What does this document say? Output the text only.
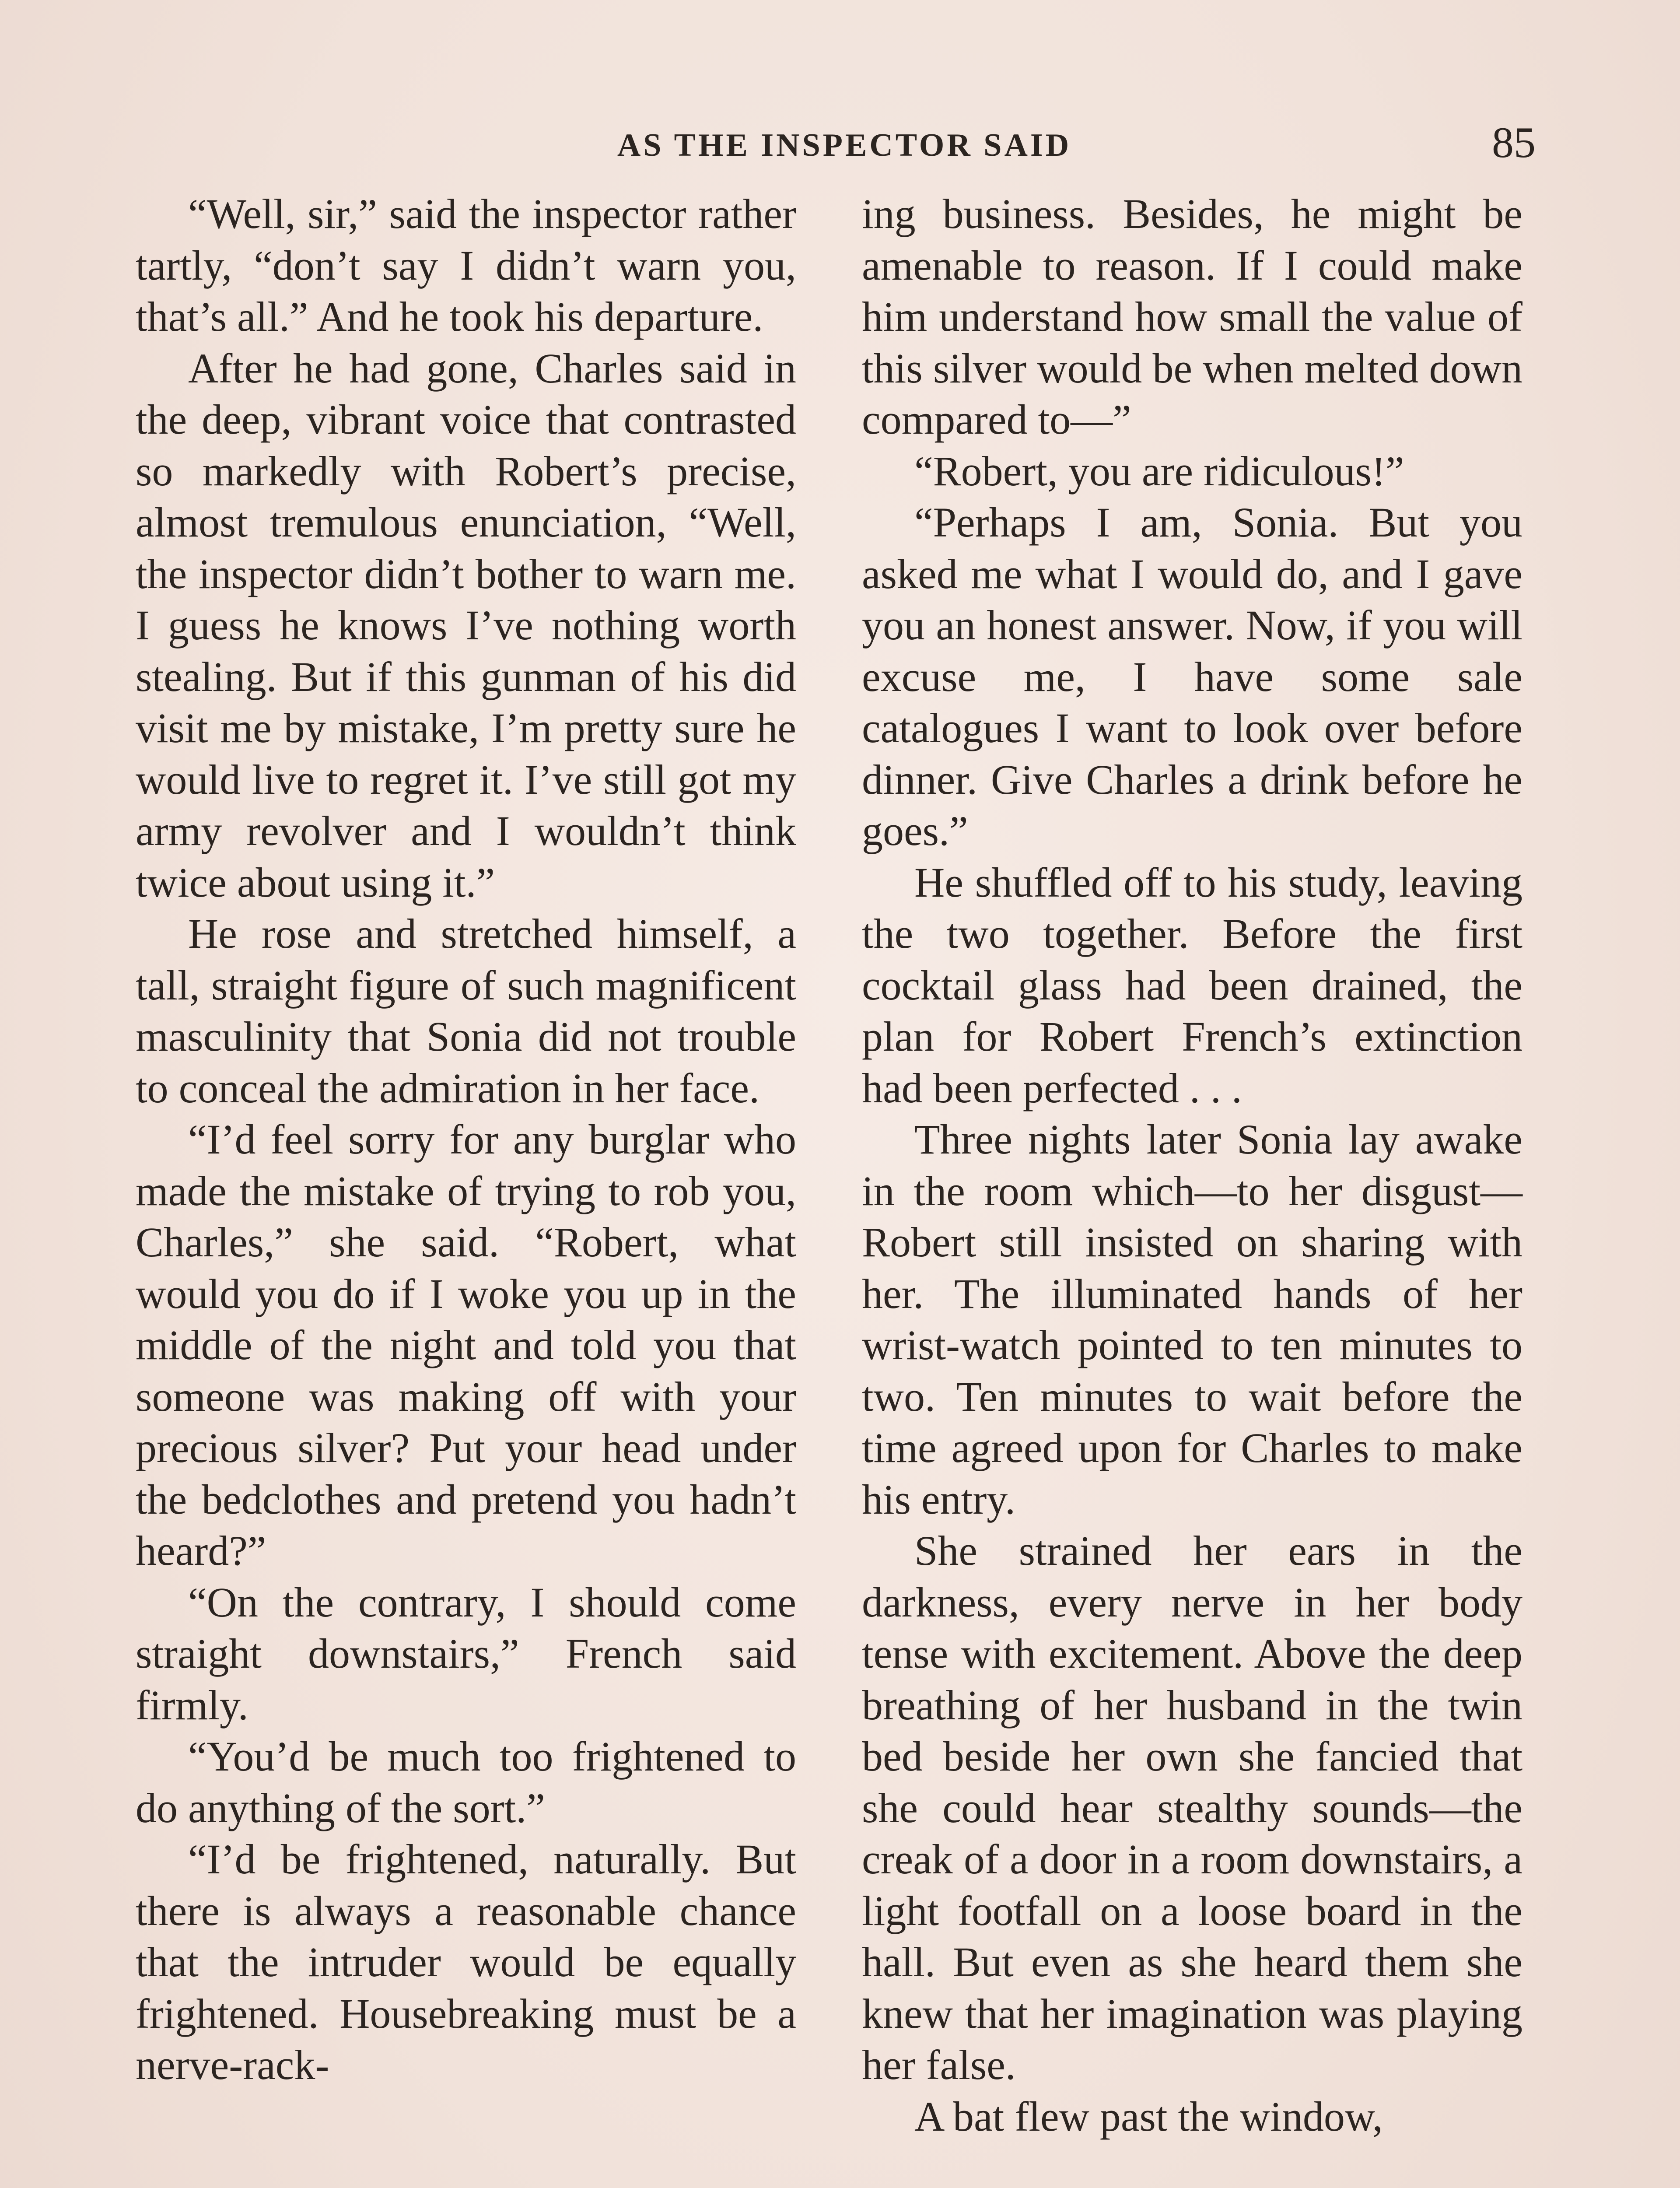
AS THE INSPECTOR SAID	85

“Well, sir,” said the inspector rather tartly, “don’t say I didn’t warn you, that’s all.” And he took his departure.

After he had gone, Charles said in the deep, vibrant voice that contrasted so markedly with Robert’s precise, almost tremulous enunciation, “Well, the inspector didn’t bother to warn me. I guess he knows I’ve nothing worth stealing. But if this gunman of his did visit me by mistake, I’m pretty sure he would live to regret it. I’ve still got my army revolver and I wouldn’t think twice about using it.”

He rose and stretched himself, a tall, straight figure of such magnificent masculinity that Sonia did not trouble to conceal the admiration in her face.

“I’d feel sorry for any burglar who made the mistake of trying to rob you, Charles,” she said. “Robert, what would you do if I woke you up in the middle of the night and told you that someone was making off with your precious silver? Put your head under the bedclothes and pretend you hadn’t heard?”

“On the contrary, I should come straight downstairs,” French said firmly.

“You’d be much too frightened to do anything of the sort.”

“I’d be frightened, naturally. But there is always a reasonable chance that the intruder would be equally frightened. Housebreaking must be a nerve-rack-

ing business. Besides, he might be amenable to reason. If I could make him understand how small the value of this silver would be when melted down compared to—”

“Robert, you are ridiculous!”

“Perhaps I am, Sonia. But you asked me what I would do, and I gave you an honest answer. Now, if you will excuse me, I have some sale catalogues I want to look over before dinner. Give Charles a drink before he goes.”

He shuffled off to his study, leaving the two together. Before the first cocktail glass had been drained, the plan for Robert French’s extinction had been perfected . . .

Three nights later Sonia lay awake in the room which—to her disgust—Robert still insisted on sharing with her. The illuminated hands of her wrist-watch pointed to ten minutes to two. Ten minutes to wait before the time agreed upon for Charles to make his entry.

She strained her ears in the darkness, every nerve in her body tense with excitement. Above the deep breathing of her husband in the twin bed beside her own she fancied that she could hear stealthy sounds—the creak of a door in a room downstairs, a light footfall on a loose board in the hall. But even as she heard them she knew that her imagination was playing her false.

A bat flew past the window,
